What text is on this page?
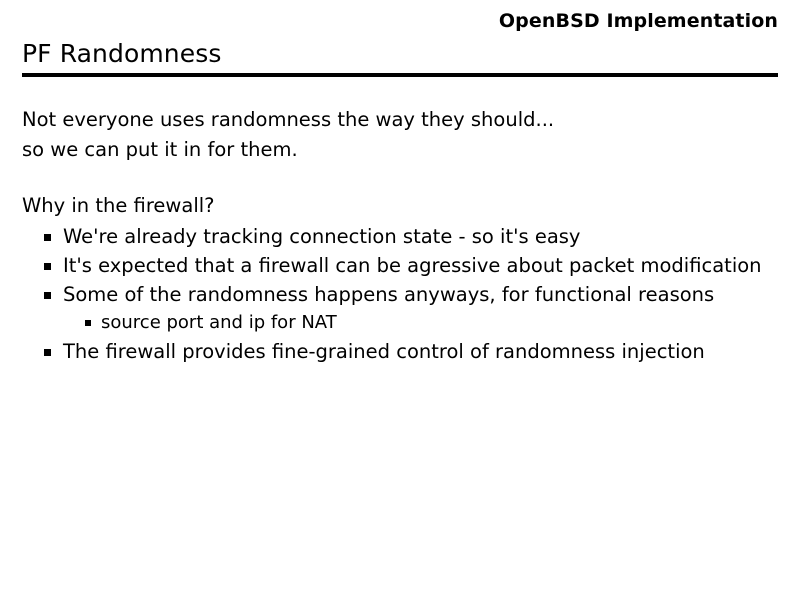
OpenBSD Implementation
PF Randomness

Not everyone uses randomness the way they should...

so we can put it in for them.

Why in the firewall?

We're already tracking connection state - so it's easy
It's expected that a firewall can be agressive about packet modification
Some of the randomness happens anyways, for functional reasons
source port and ip for NAT
The firewall provides fine-grained control of randomness injection
